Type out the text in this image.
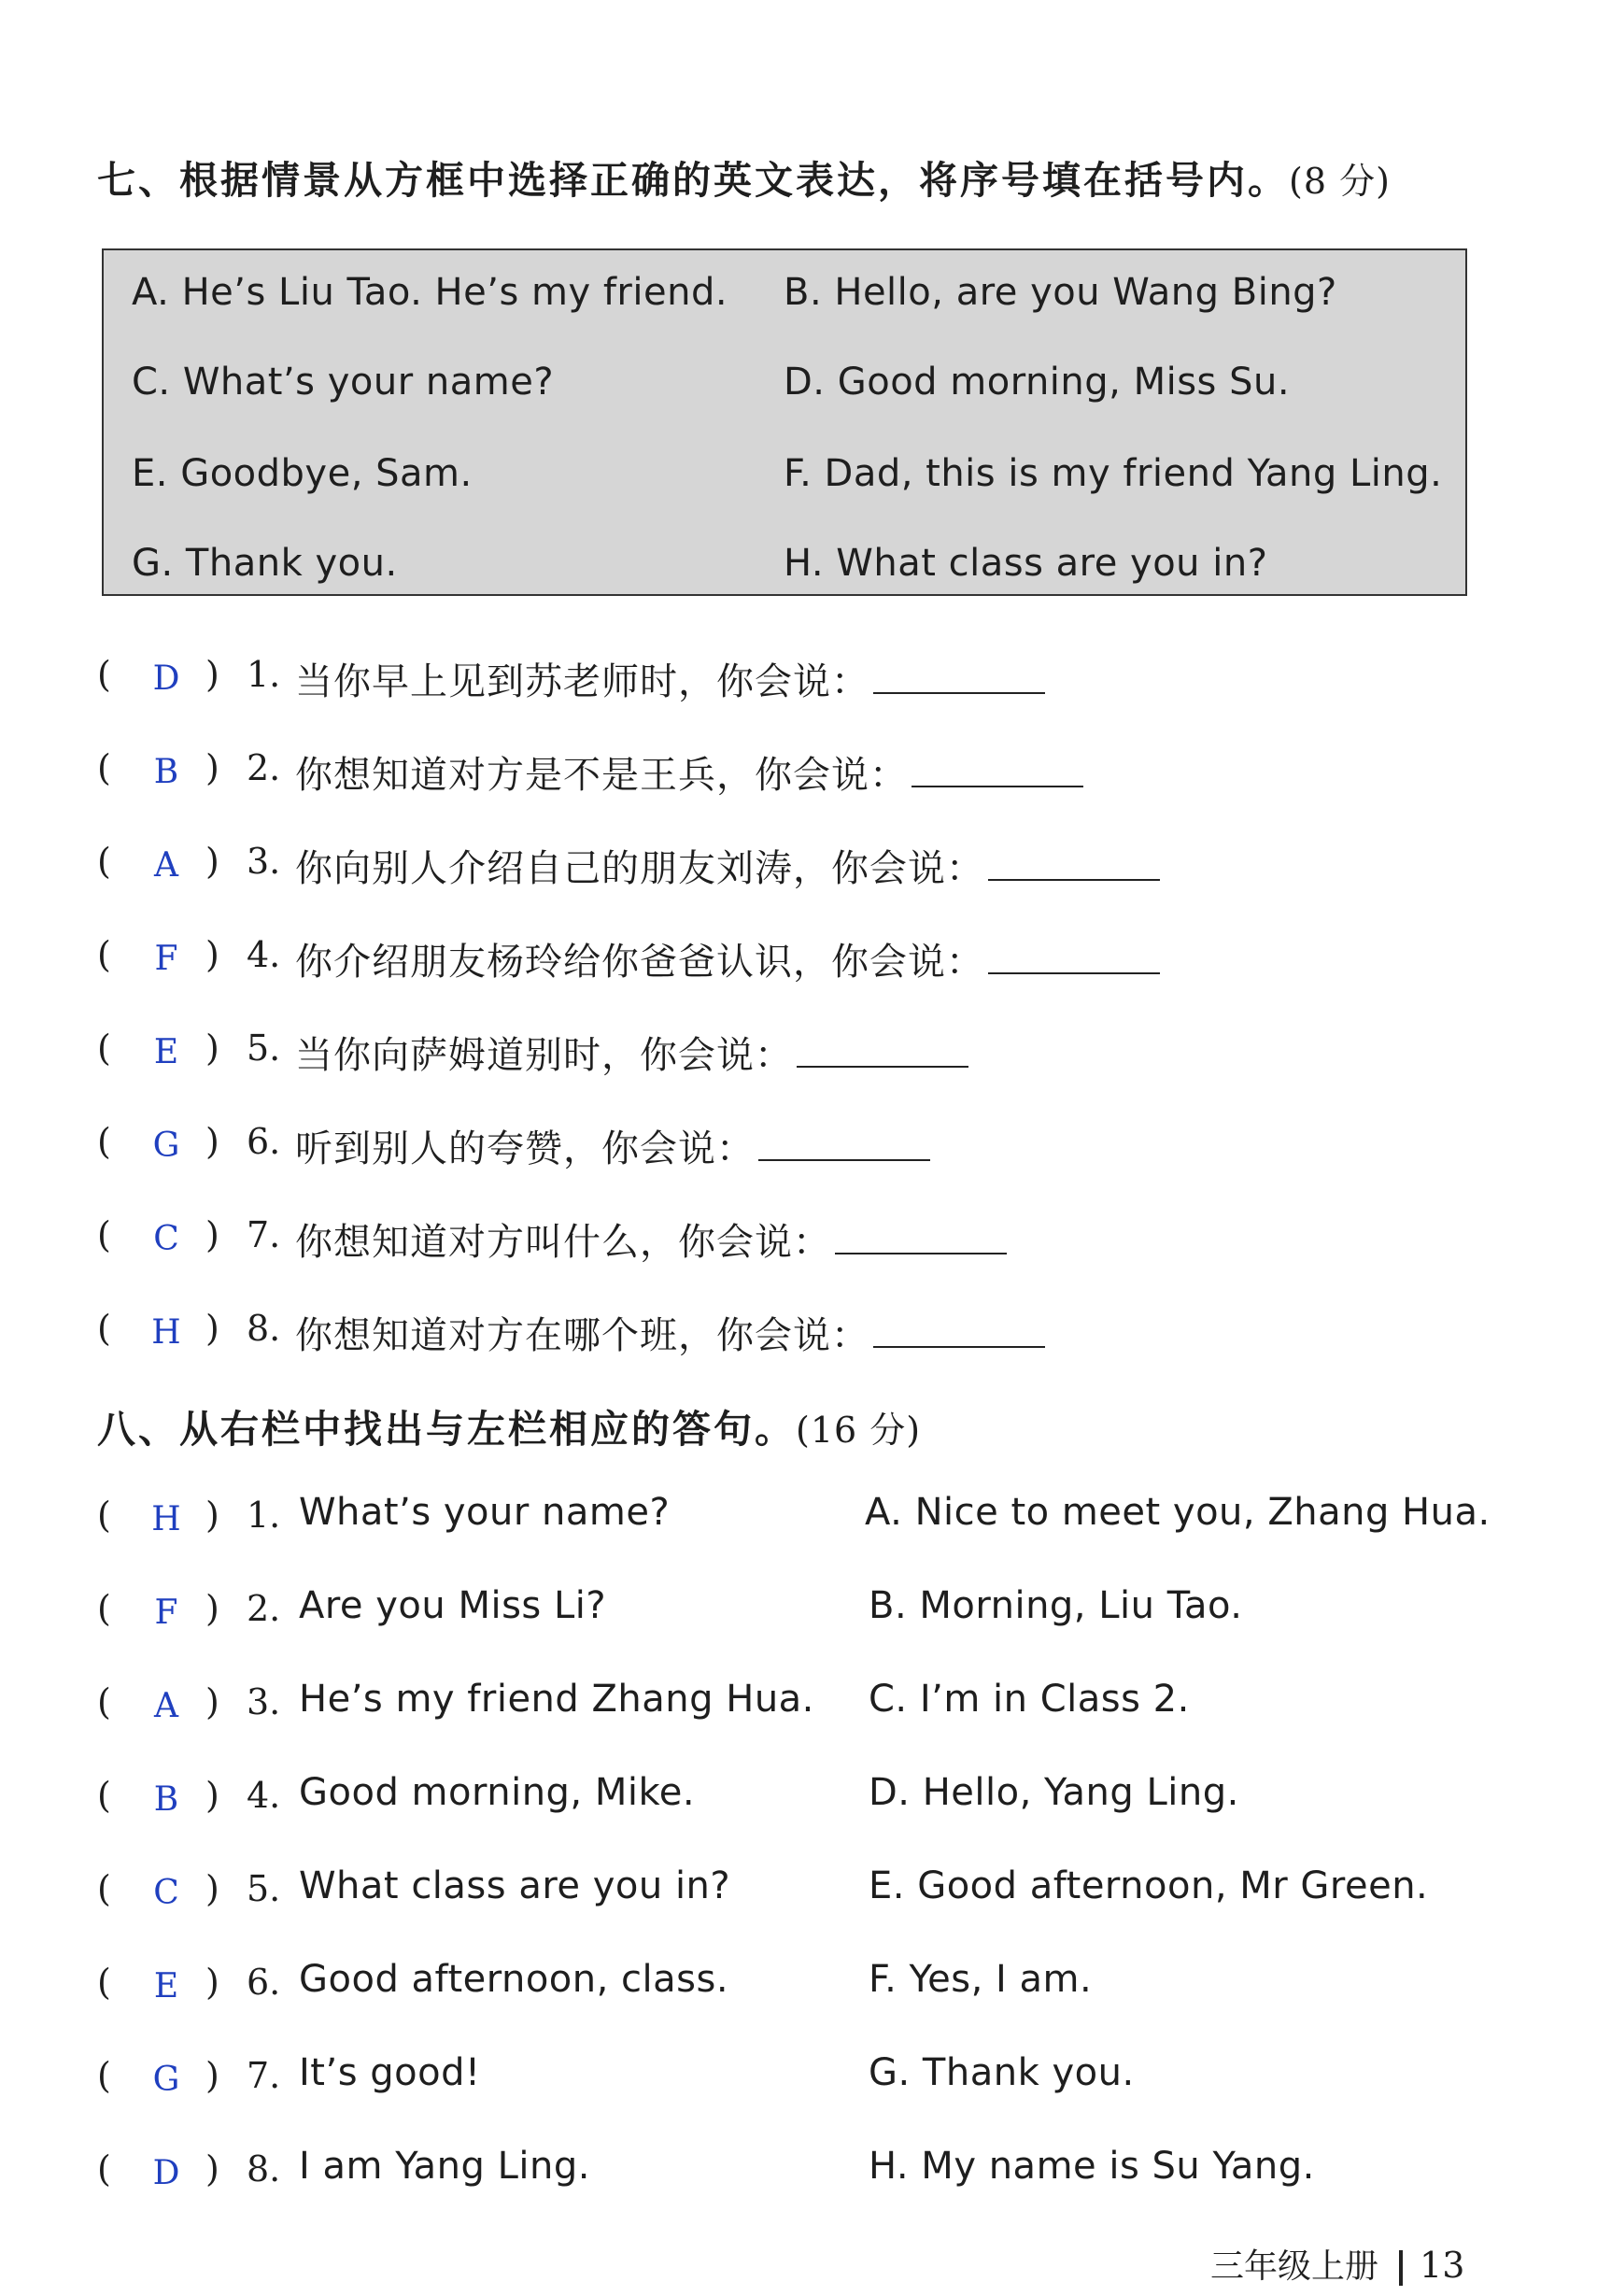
七、根据情景从方框中选择正确的英文表达，将序号填在括号内。(8 分)
A. He’s Liu Tao. He’s my friend. B. Hello, are you Wang Bing?
C. What’s your name?	D. Good morning, Miss Su.
E. Goodbye, Sam.	F. Dad, this is my friend Yang Ling.
G. Thank you.	H. What class are you in?
(	D ) 1. 当你早上见到苏老师时，你会说：
(	B ) 2. 你想知道对方是不是王兵，你会说：
(	A ) 3. 你向别人介绍自己的朋友刘涛，你会说：
(	F ) 4. 你介绍朋友杨玲给你爸爸认识，你会说：
(	E ) 5. 当你向萨姆道别时，你会说：
(	G ) 6. 听到别人的夸赞，你会说：
(	C ) 7. 你想知道对方叫什么，你会说：
( H ) 8. 你想知道对方在哪个班，你会说：
八、从右栏中找出与左栏相应的答句。(16 分)
( H ) 1. What’s your name?	A. Nice to meet you, Zhang Hua.
(	F ) 2. Are you Miss Li?	B. Morning, Liu Tao.
(	A ) 3. He’s my friend Zhang Hua. C. I’m in Class 2.
(	B ) 4. Good morning, Mike.	D. Hello, Yang Ling.
(	C ) 5. What class are you in?	E. Good afternoon, Mr Green.
(	E ) 6. Good afternoon, class.	F. Yes, I am.
(	G ) 7. It’s good!	G. Thank you.
(	D ) 8. I am Yang Ling.	H. My name is Su Yang.
三年级上册 13
